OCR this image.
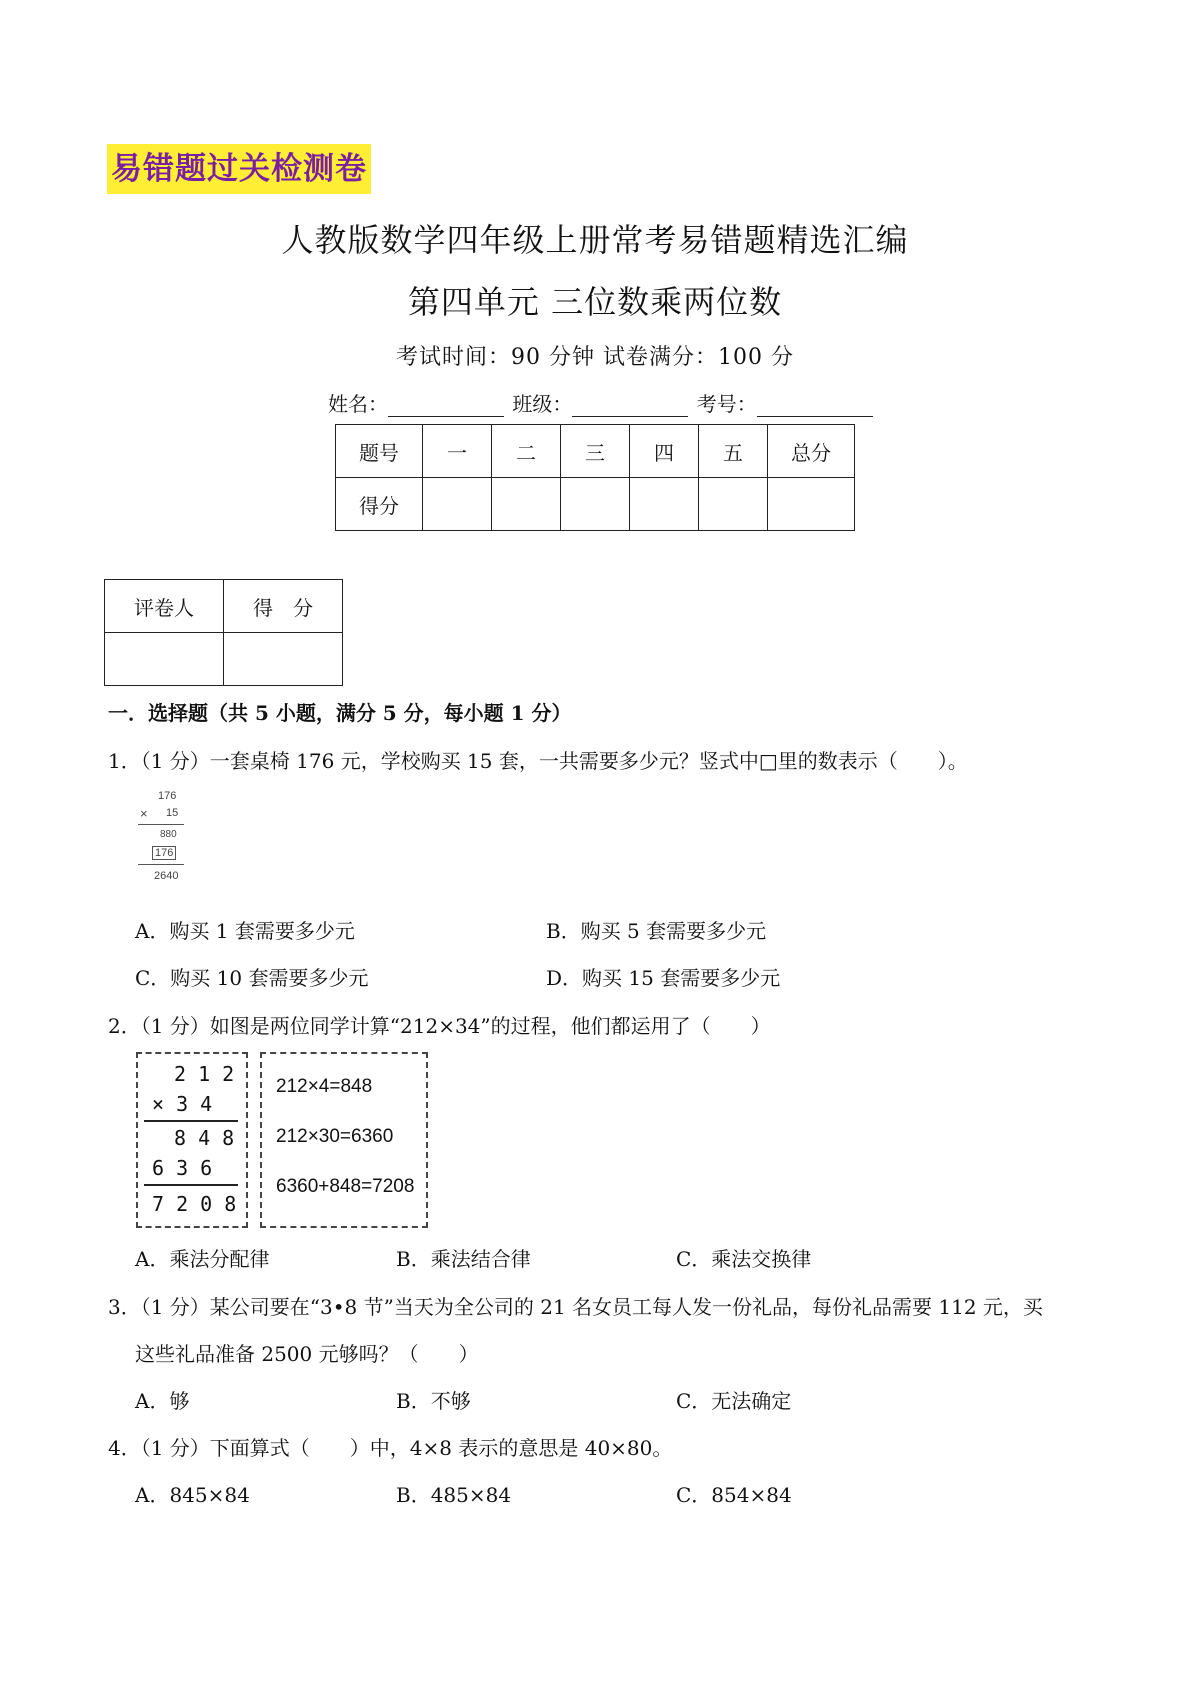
易错题过关检测卷
人教版数学四年级上册常考易错题精选汇编
第四单元 三位数乘两位数
考试时间：90 分钟 试卷满分：100 分
姓名：	班级：	考号：
题号	一	二	三	四	五	总分
得分						
评卷人	得　分

一．选择题（共 5 小题，满分 5 分，每小题 1 分）
1．（1 分）一套桌椅 176 元，学校购买 15 套，一共需要多少元？竖式中□里的数表示（　　）。
176
× 15
880
176
2640
A．购买 1 套需要多少元	B．购买 5 套需要多少元
C．购买 10 套需要多少元	D．购买 15 套需要多少元
2．（1 分）如图是两位同学计算“212×34”的过程，他们都运用了（　　）
2 1 2
× 3 4
8 4 8
6 3 6
7 2 0 8
212×4=848
212×30=6360
6360+848=7208
A．乘法分配律	B．乘法结合律	C．乘法交换律
3．（1 分）某公司要在“3•8 节”当天为全公司的 21 名女员工每人发一份礼品，每份礼品需要 112 元，买
这些礼品准备 2500 元够吗？（　　）
A．够	B．不够	C．无法确定
4．（1 分）下面算式（　　）中，4×8 表示的意思是 40×80。
A．845×84	B．485×84	C．854×84
